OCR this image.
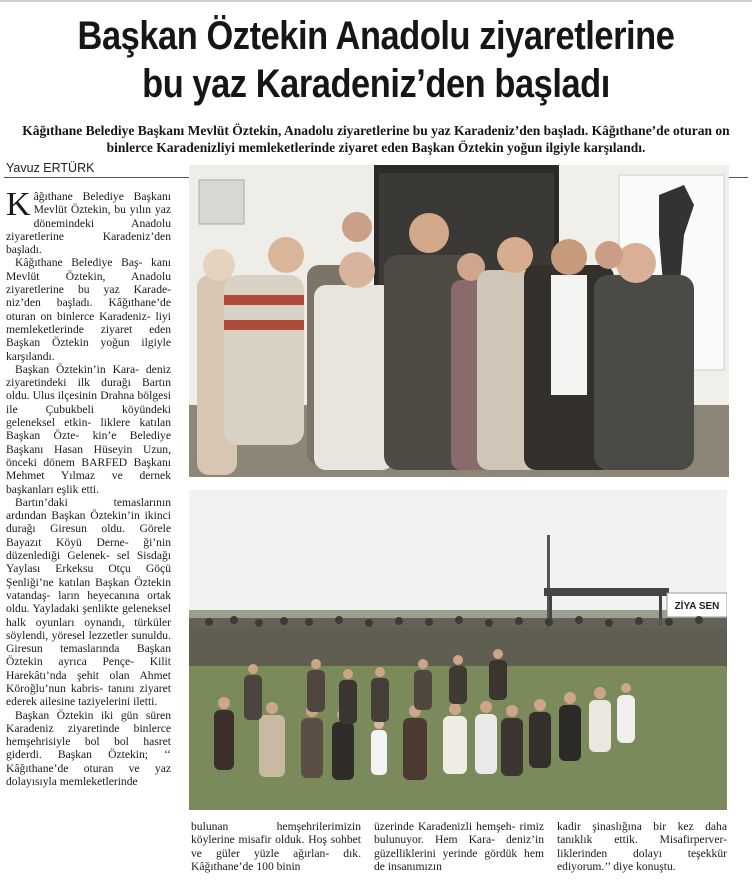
Başkan Öztekin Anadolu ziyaretlerine
bu yaz Karadeniz’den başladı

Kâğıthane Belediye Başkanı Mevlüt Öztekin, Anadolu ziyaretlerine bu yaz Karadeniz’den başladı. Kâğıthane’de oturan on binlerce Karadenizliyi memleketlerinde ziyaret eden Başkan Öztekin yoğun ilgiyle karşılandı.

Yavuz ERTÜRK

Kâğıthane Belediye Başkanı Mevlüt Öztekin, bu yılın yaz dönemindeki Anadolu ziyaretlerine Karadeniz’den başladı.

Kâğıthane Belediye Baş- kanı Mevlüt Öztekin, Anadolu ziyaretlerine bu yaz Karade- niz’den başladı. Kâğıthane’de oturan on binlerce Karadeniz- liyi memleketlerinde ziyaret eden Başkan Öztekin yoğun ilgiyle karşılandı.

Başkan Öztekin’in Kara- deniz ziyaretindeki ilk durağı Bartın oldu. Ulus ilçesinin Drahna bölgesi ile Çubukbeli köyündeki geleneksel etkin- liklere katılan Başkan Özte- kin’e Belediye Başkanı Hasan Hüseyin Uzun, önceki dönem BARFED Başkanı Mehmet Yılmaz ve dernek başkanları eşlik etti.

Bartın’daki temaslarının ardından Başkan Öztekin’in ikinci durağı Giresun oldu. Görele Bayazıt Köyü Derne- ği’nin düzenlediği Gelenek- sel Sisdağı Yaylası Erkeksu Otçu Göçü Şenliği’ne katılan Başkan Öztekin vatandaş- ların heyecanına ortak oldu. Yayladaki şenlikte geleneksel halk oyunları oynandı, türküler söylendi, yöresel lezzetler sunuldu. Giresun temaslarında Başkan Öztekin ayrıca Pençe- Kilit Harekâtı’nda şehit olan Ahmet Köroğlu’nun kabris- tanını ziyaret ederek ailesine taziyelerini iletti.

Başkan Öztekin iki gün süren Karadeniz ziyaretinde binlerce hemşehrisiyle bol bol hasret giderdi. Başkan Öztekin; ‘‘ Kâğıthane’de oturan ve yaz dolayısıyla memleketlerinde

ZİYA SEN

bulunan hemşehrilerimizin köylerine misafir olduk. Hoş sohbet ve güler yüzle ağırlan- dık. Kâğıthane’de 100 binin

üzerinde Karadenizli hemşeh- rimiz bulunuyor. Hem Kara- deniz’in güzelliklerini yerinde gördük hem de insanımızın

kadir şinaslığına bir kez daha tanıklık ettik. Misafirperver- liklerinden dolayı teşekkür ediyorum.’’ diye konuştu.
